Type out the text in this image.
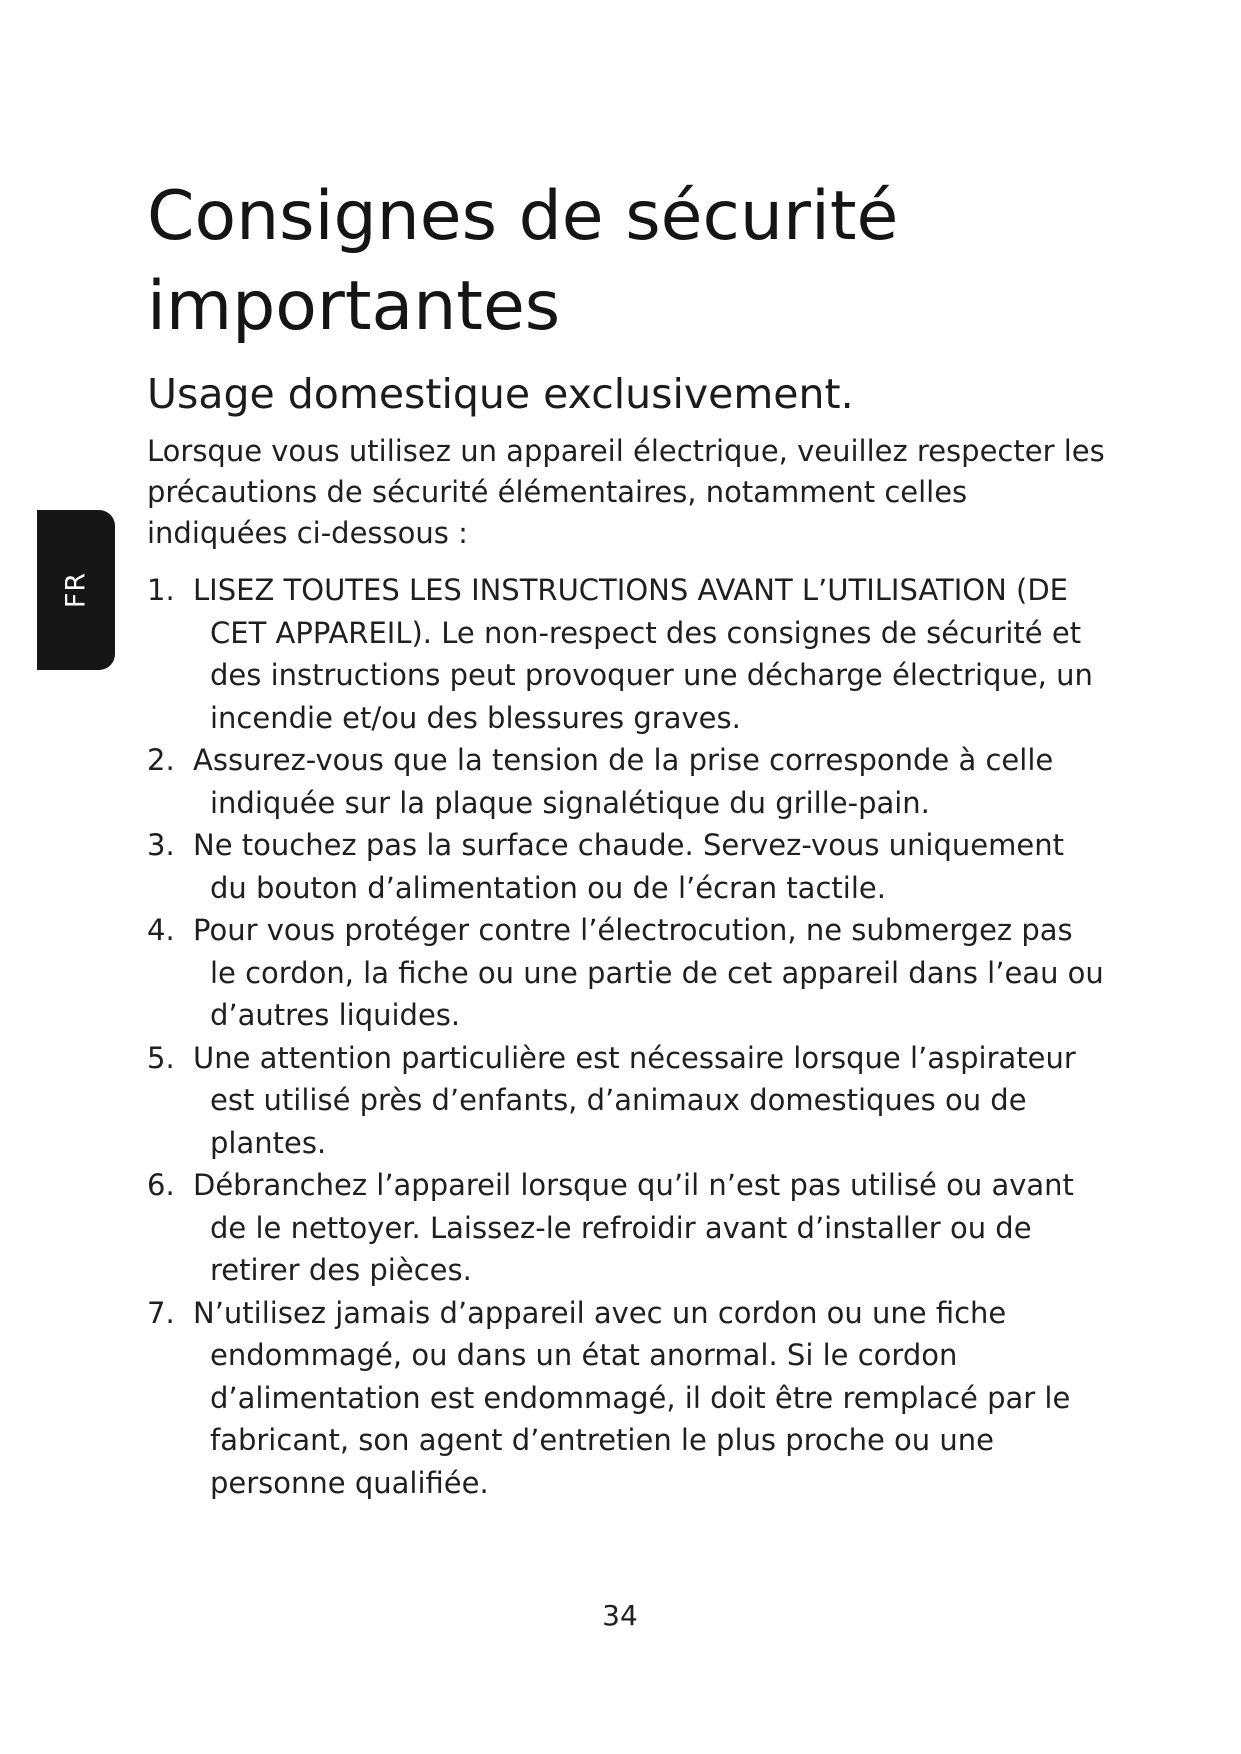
FR
Consignes de sécurité importantes
Usage domestique exclusivement.

Lorsque vous utilisez un appareil électrique, veuillez respecter les précautions de sécurité élémentaires, notamment celles indiquées ci-dessous :

1. LISEZ TOUTES LES INSTRUCTIONS AVANT L’UTILISATION (DE CET APPAREIL). Le non-respect des consignes de sécurité et des instructions peut provoquer une décharge électrique, un incendie et/ou des blessures graves.
2. Assurez-vous que la tension de la prise corresponde à celle indiquée sur la plaque signalétique du grille-pain.
3. Ne touchez pas la surface chaude. Servez-vous uniquement du bouton d’alimentation ou de l’écran tactile.
4. Pour vous protéger contre l’électrocution, ne submergez pas le cordon, la fiche ou une partie de cet appareil dans l’eau ou d’autres liquides.
5. Une attention particulière est nécessaire lorsque l’aspirateur est utilisé près d’enfants, d’animaux domestiques ou de plantes.
6. Débranchez l’appareil lorsque qu’il n’est pas utilisé ou avant de le nettoyer. Laissez-le refroidir avant d’installer ou de retirer des pièces.
7. N’utilisez jamais d’appareil avec un cordon ou une fiche endommagé, ou dans un état anormal. Si le cordon d’alimentation est endommagé, il doit être remplacé par le fabricant, son agent d’entretien le plus proche ou une personne qualifiée.
34
